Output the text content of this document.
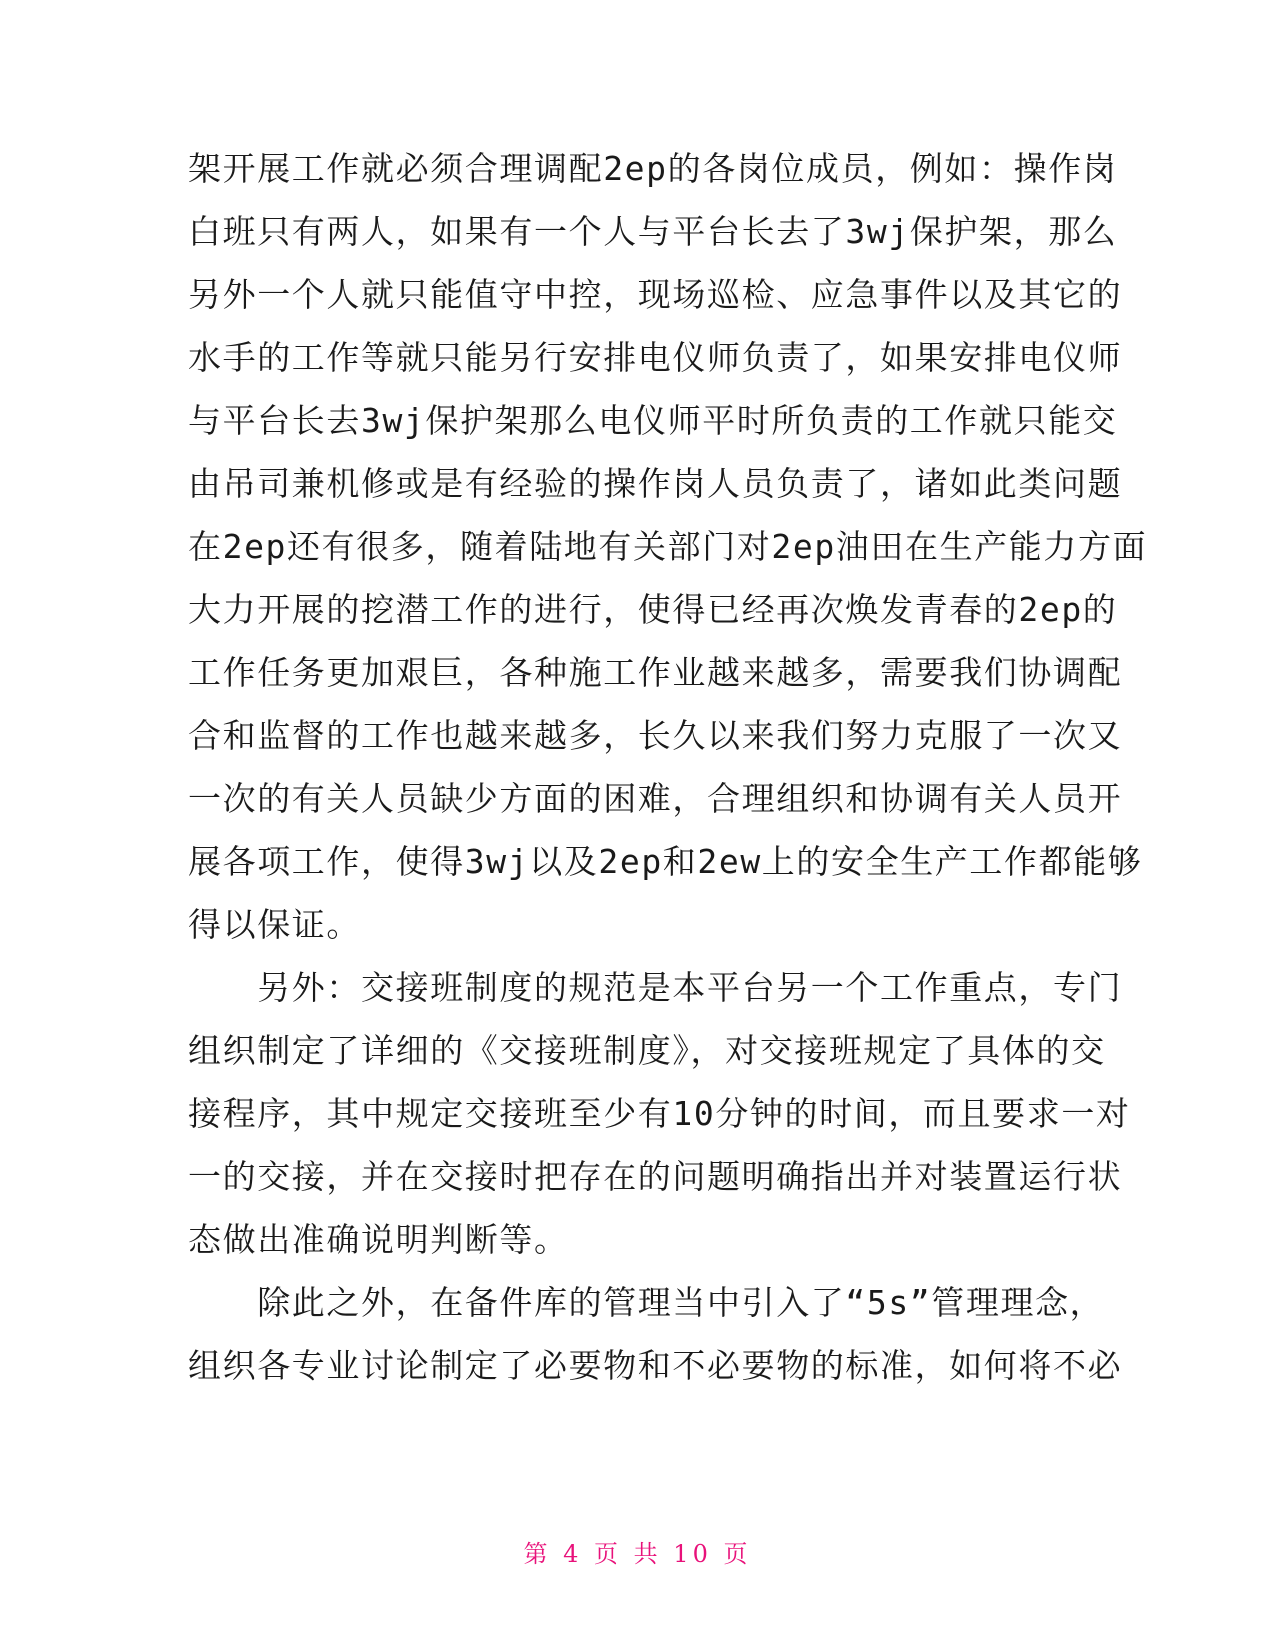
架开展工作就必须合理调配2ep的各岗位成员，例如：操作岗
白班只有两人，如果有一个人与平台长去了3wj保护架，那么
另外一个人就只能值守中控，现场巡检、应急事件以及其它的
水手的工作等就只能另行安排电仪师负责了，如果安排电仪师
与平台长去3wj保护架那么电仪师平时所负责的工作就只能交
由吊司兼机修或是有经验的操作岗人员负责了，诸如此类问题
在2ep还有很多，随着陆地有关部门对2ep油田在生产能力方面
大力开展的挖潜工作的进行，使得已经再次焕发青春的2ep的
工作任务更加艰巨，各种施工作业越来越多，需要我们协调配
合和监督的工作也越来越多，长久以来我们努力克服了一次又
一次的有关人员缺少方面的困难，合理组织和协调有关人员开
展各项工作，使得3wj以及2ep和2ew上的安全生产工作都能够
得以保证。
　　另外：交接班制度的规范是本平台另一个工作重点，专门
组织制定了详细的《交接班制度》，对交接班规定了具体的交
接程序，其中规定交接班至少有10分钟的时间，而且要求一对
一的交接，并在交接时把存在的问题明确指出并对装置运行状
态做出准确说明判断等。
　　除此之外，在备件库的管理当中引入了“5s”管理理念，
组织各专业讨论制定了必要物和不必要物的标准，如何将不必
第 4 页 共 10 页
